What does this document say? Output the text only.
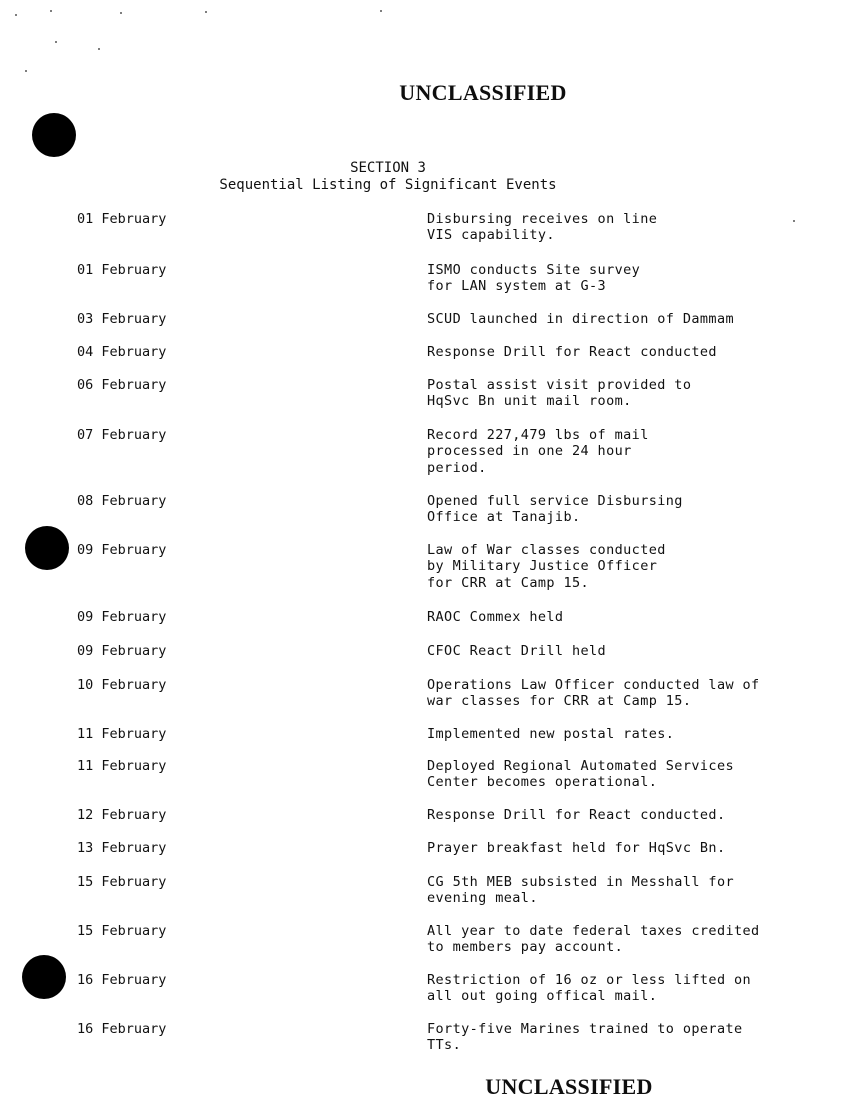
UNCLASSIFIED
SECTION 3
Sequential Listing of Significant Events
01 February	Disbursing receives on line
VIS capability.
01 February	ISMO conducts Site survey
for LAN system at G-3
03 February	SCUD launched in direction of Dammam
04 February	Response Drill for React conducted
06 February	Postal assist visit provided to
HqSvc Bn unit mail room.
07 February	Record 227,479 lbs of mail
processed in one 24 hour
period.
08 February	Opened full service Disbursing
Office at Tanajib.
09 February	Law of War classes conducted
by Military Justice Officer
for CRR at Camp 15.
09 February	RAOC Commex held
09 February	CFOC React Drill held
10 February	Operations Law Officer conducted law of
war classes for CRR at Camp 15.
11 February	Implemented new postal rates.
11 February	Deployed Regional Automated Services
Center becomes operational.
12 February	Response Drill for React conducted.
13 February	Prayer breakfast held for HqSvc Bn.
15 February	CG 5th MEB subsisted in Messhall for
evening meal.
15 February	All year to date federal taxes credited
to members pay account.
16 February	Restriction of 16 oz or less lifted on
all out going offical mail.
16 February	Forty-five Marines trained to operate
TTs.
UNCLASSIFIED
